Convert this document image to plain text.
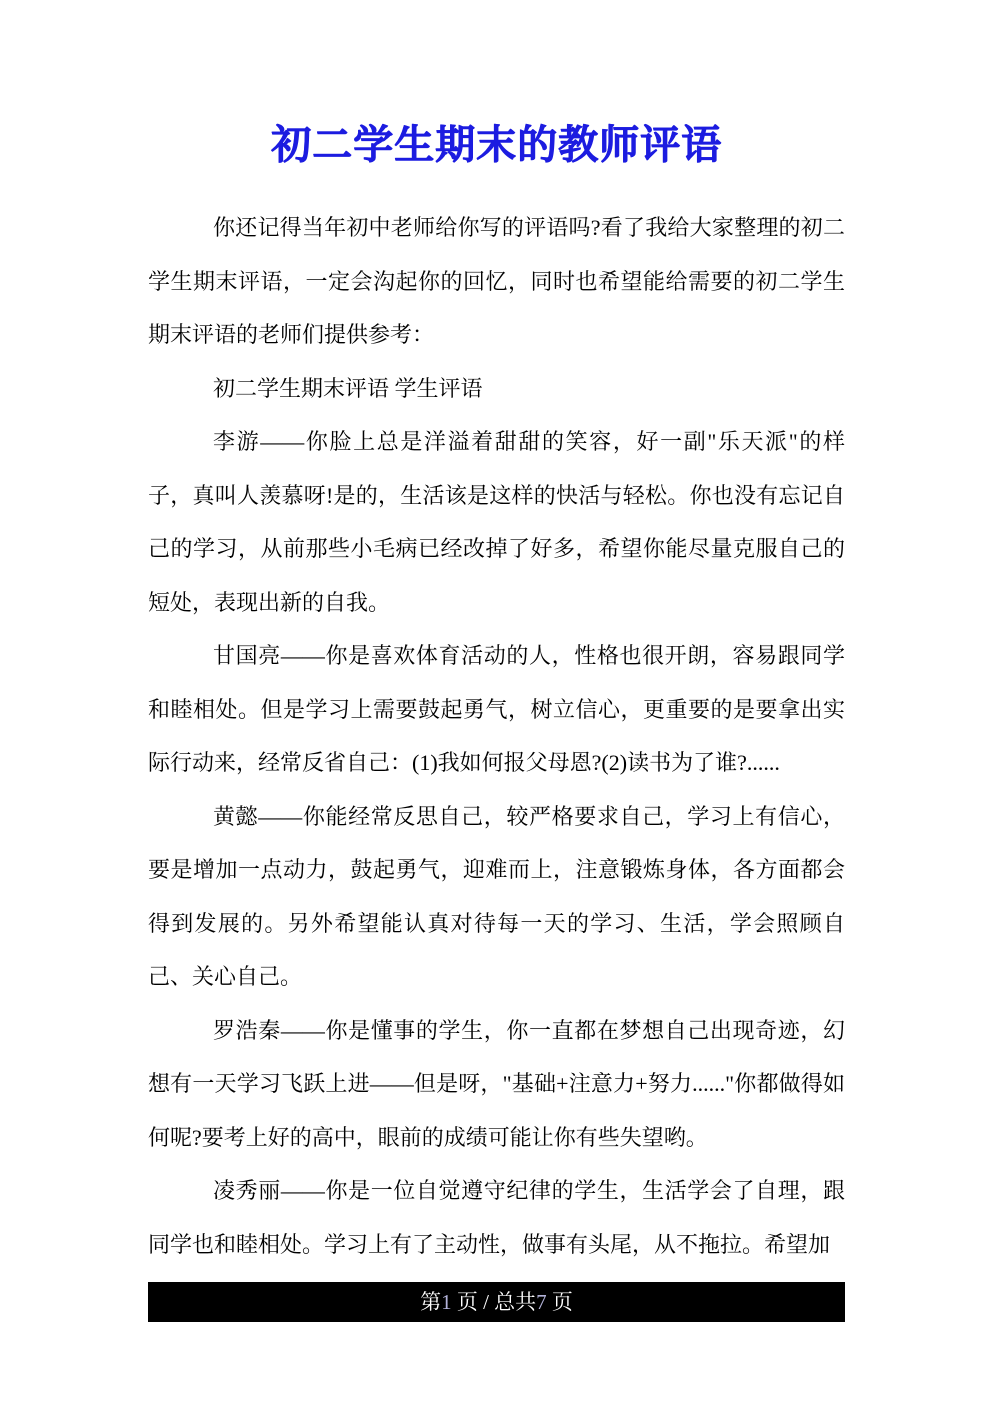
初二学生期末的教师评语

你还记得当年初中老师给你写的评语吗?看了我给大家整理的初二学生期末评语，一定会沟起你的回忆，同时也希望能给需要的初二学生期末评语的老师们提供参考：

初二学生期末评语 学生评语

李游——你脸上总是洋溢着甜甜的笑容，好一副"乐天派"的样子，真叫人羡慕呀!是的，生活该是这样的快活与轻松。你也没有忘记自己的学习，从前那些小毛病已经改掉了好多，希望你能尽量克服自己的短处，表现出新的自我。

甘国亮——你是喜欢体育活动的人，性格也很开朗，容易跟同学和睦相处。但是学习上需要鼓起勇气，树立信心，更重要的是要拿出实际行动来，经常反省自己：(1)我如何报父母恩?(2)读书为了谁?......

黄懿——你能经常反思自己，较严格要求自己，学习上有信心，要是增加一点动力，鼓起勇气，迎难而上，注意锻炼身体，各方面都会得到发展的。另外希望能认真对待每一天的学习、生活，学会照顾自己、关心自己。

罗浩秦——你是懂事的学生，你一直都在梦想自己出现奇迹，幻想有一天学习飞跃上进——但是呀，"基础+注意力+努力......"你都做得如何呢?要考上好的高中，眼前的成绩可能让你有些失望哟。

凌秀丽——你是一位自觉遵守纪律的学生，生活学会了自理，跟同学也和睦相处。学习上有了主动性，做事有头尾，从不拖拉。希望加

第1 页 / 总共7 页
